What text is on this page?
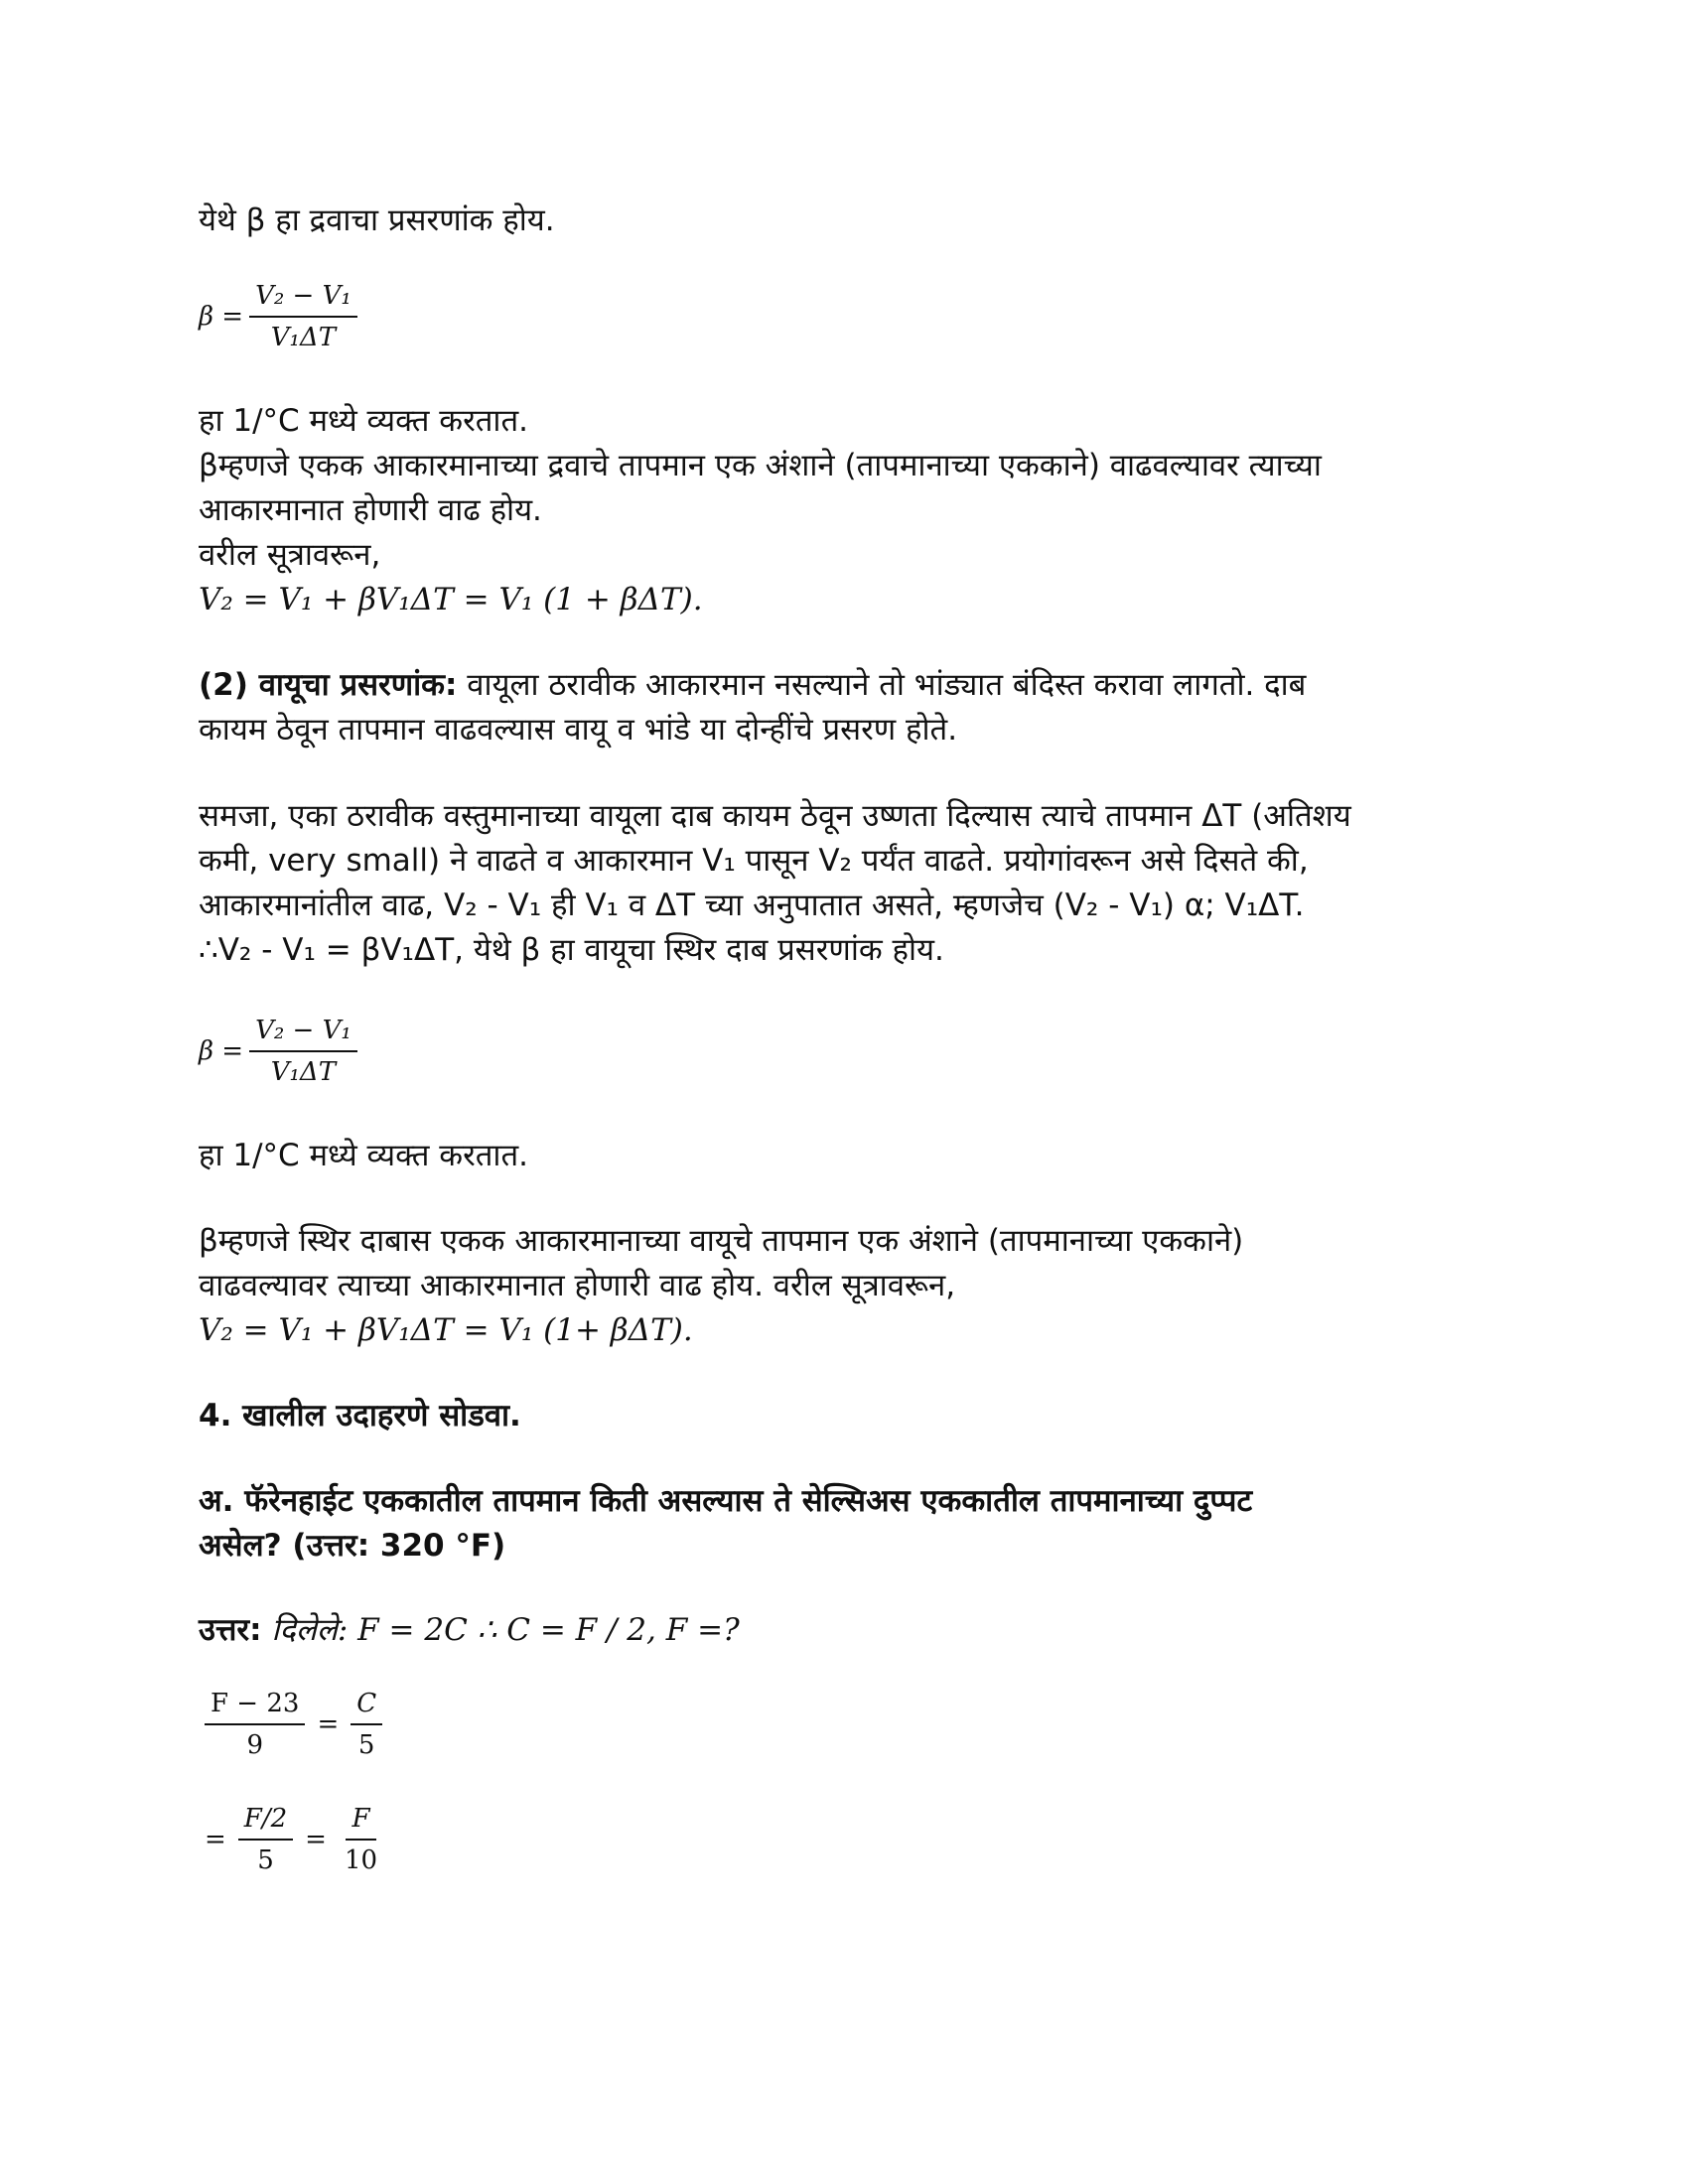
येथे β हा द्रवाचा प्रसरणांक होय.

$\beta = \frac{\text{V₂ − V₁}}{\text{V₁ΔT}}$

हा 1/°C मध्ये व्यक्त करतात.

βम्हणजे एकक आकारमानाच्या द्रवाचे तापमान एक अंशाने (तापमानाच्या एककाने) वाढवल्यावर त्याच्या

आकारमानात होणारी वाढ होय.

वरील सूत्रावरून,

V₂ = V₁ + βV₁ΔT = V₁ (1 + βΔT).

(2) वायूचा प्रसरणांक: वायूला ठरावीक आकारमान नसल्याने तो भांड्यात बंदिस्त करावा लागतो. दाब

कायम ठेवून तापमान वाढवल्यास वायू व भांडे या दोन्हींचे प्रसरण होते.

समजा, एका ठरावीक वस्तुमानाच्या वायूला दाब कायम ठेवून उष्णता दिल्यास त्याचे तापमान ΔT (अतिशय

कमी, very small) ने वाढते व आकारमान V₁ पासून V₂ पर्यंत वाढते. प्रयोगांवरून असे दिसते की,

आकारमानांतील वाढ, V₂ - V₁ ही V₁ व ΔT च्या अनुपातात असते, म्हणजेच (V₂ - V₁) α; V₁ΔT.

∴V₂ - V₁ = βV₁ΔT, येथे β हा वायूचा स्थिर दाब प्रसरणांक होय.

$\beta = \frac{\text{V₂ − V₁}}{\text{V₁ΔT}}$

हा 1/°C मध्ये व्यक्त करतात.

βम्हणजे स्थिर दाबास एकक आकारमानाच्या वायूचे तापमान एक अंशाने (तापमानाच्या एककाने)

वाढवल्यावर त्याच्या आकारमानात होणारी वाढ होय. वरील सूत्रावरून,

V₂ = V₁ + βV₁ΔT = V₁ (1+ βΔT).

4. खालील उदाहरणे सोडवा.

अ. फॅरेनहाईट एककातील तापमान किती असल्यास ते सेल्सिअस एककातील तापमानाच्या दुप्पट

असेल? (उत्तर: 320 °F)

उत्तर: दिलेले: F = 2C ∴ C = F / 2, F =?

$\frac{F - 23}{9} = \frac{C}{5}$
= $\frac{F/2}{5} = \frac{F}{10}$
